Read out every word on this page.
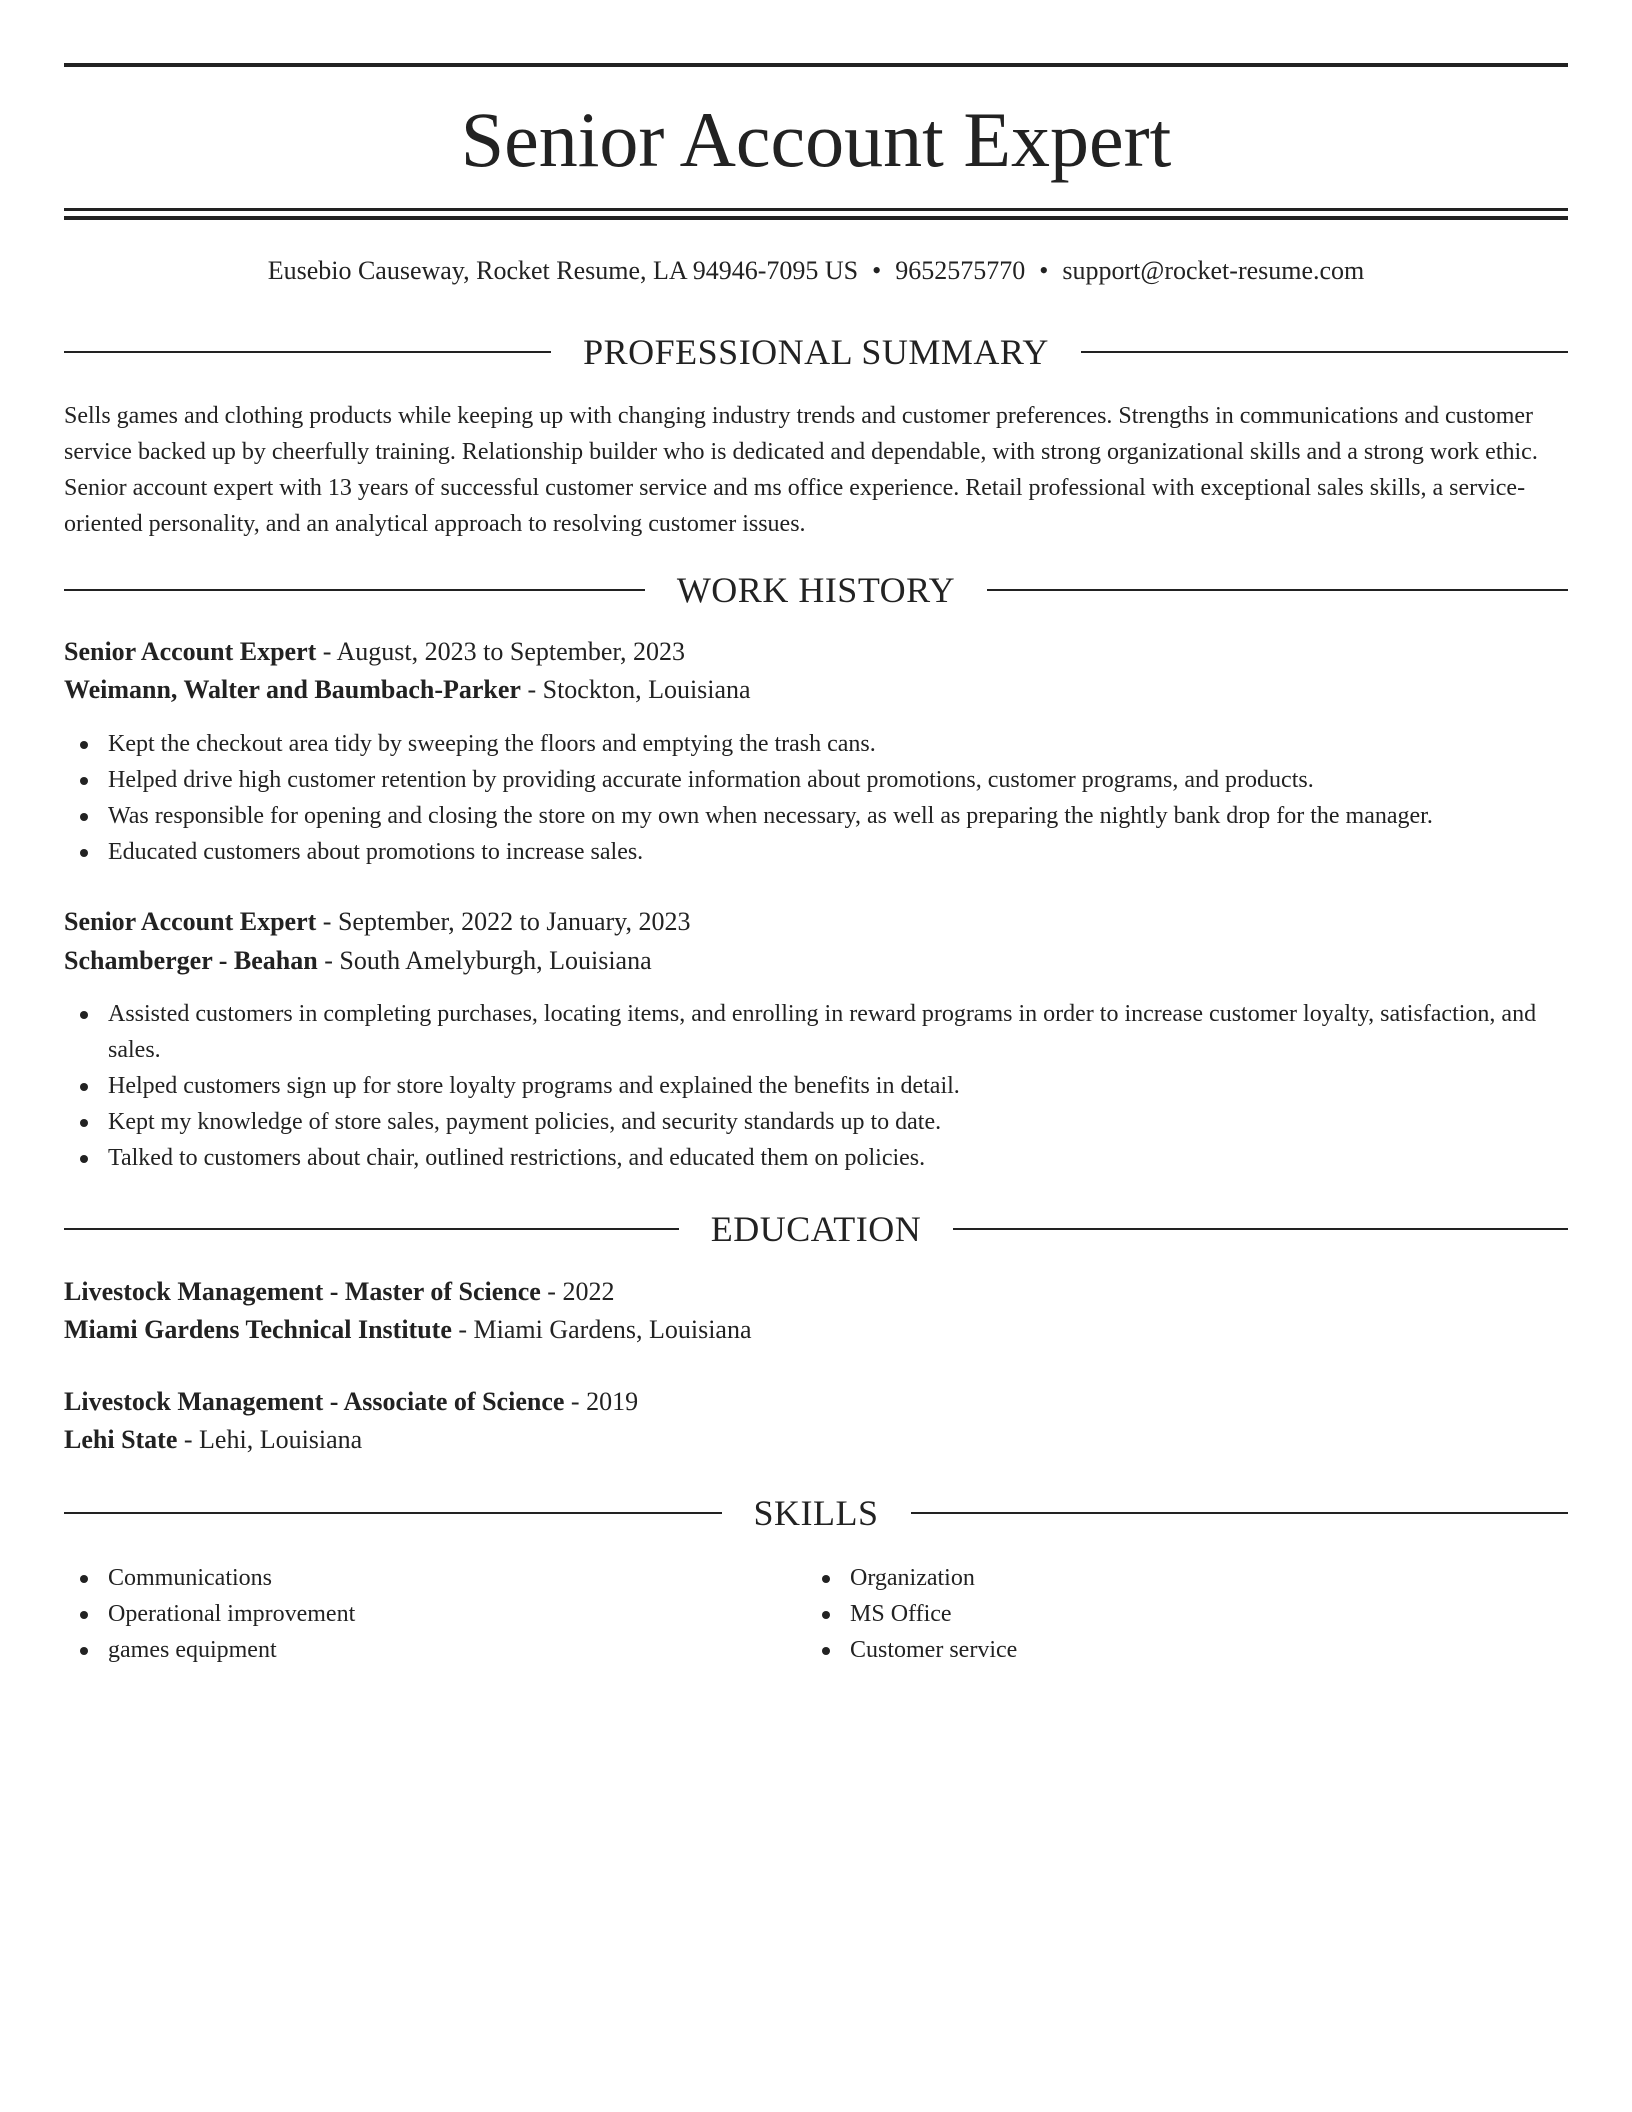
Senior Account Expert
Eusebio Causeway, Rocket Resume, LA 94946-7095 US • 9652575770 • support@rocket-resume.com
PROFESSIONAL SUMMARY

Sells games and clothing products while keeping up with changing industry trends and customer preferences. Strengths in communications and customer service backed up by cheerfully training. Relationship builder who is dedicated and dependable, with strong organizational skills and a strong work ethic. Senior account expert with 13 years of successful customer service and ms office experience. Retail professional with exceptional sales skills, a service-oriented personality, and an analytical approach to resolving customer issues.

WORK HISTORY
Senior Account Expert - August, 2023 to September, 2023
Weimann, Walter and Baumbach-Parker - Stockton, Louisiana
Kept the checkout area tidy by sweeping the floors and emptying the trash cans.
Helped drive high customer retention by providing accurate information about promotions, customer programs, and products.
Was responsible for opening and closing the store on my own when necessary, as well as preparing the nightly bank drop for the manager.
Educated customers about promotions to increase sales.
Senior Account Expert - September, 2022 to January, 2023
Schamberger - Beahan - South Amelyburgh, Louisiana
Assisted customers in completing purchases, locating items, and enrolling in reward programs in order to increase customer loyalty, satisfaction, and sales.
Helped customers sign up for store loyalty programs and explained the benefits in detail.
Kept my knowledge of store sales, payment policies, and security standards up to date.
Talked to customers about chair, outlined restrictions, and educated them on policies.
EDUCATION
Livestock Management - Master of Science - 2022
Miami Gardens Technical Institute - Miami Gardens, Louisiana
Livestock Management - Associate of Science - 2019
Lehi State - Lehi, Louisiana
SKILLS
Communications
Operational improvement
games equipment
Organization
MS Office
Customer service
